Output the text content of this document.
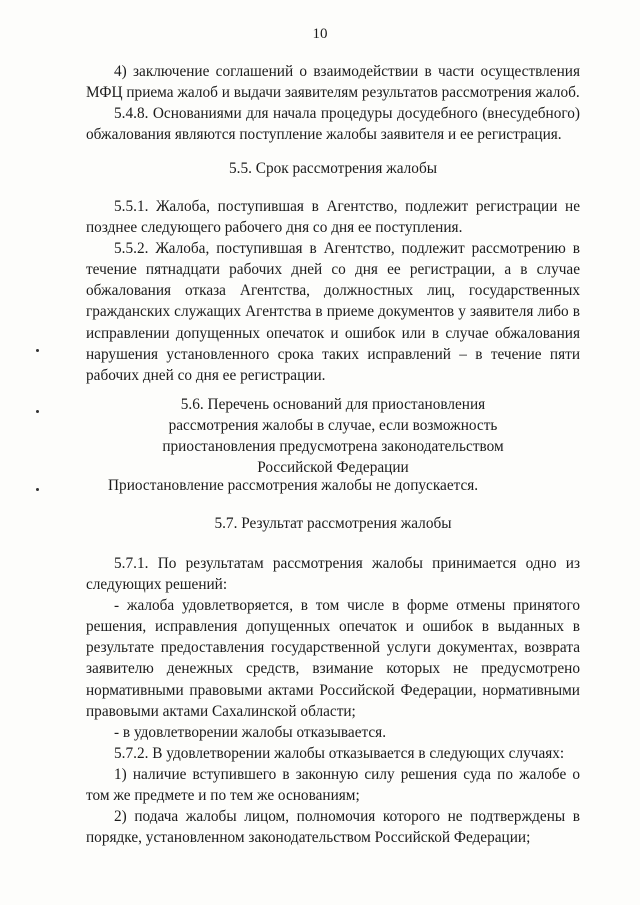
10

4) заключение соглашений о взаимодействии в части осуществления МФЦ приема жалоб и выдачи заявителям результатов рассмотрения жалоб.

5.4.8. Основаниями для начала процедуры досудебного (внесудебного) обжалования являются поступление жалобы заявителя и ее регистрация.

5.5. Срок рассмотрения жалобы

5.5.1. Жалоба, поступившая в Агентство, подлежит регистрации не позднее следующего рабочего дня со дня ее поступления.

5.5.2. Жалоба, поступившая в Агентство, подлежит рассмотрению в течение пятнадцати рабочих дней со дня ее регистрации, а в случае обжалования отказа Агентства, должностных лиц, государственных гражданских служащих Агентства в приеме документов у заявителя либо в исправлении допущенных опечаток и ошибок или в случае обжалования нарушения установленного срока таких исправлений – в течение пяти рабочих дней со дня ее регистрации.

5.6. Перечень оснований для приостановления рассмотрения жалобы в случае, если возможность приостановления предусмотрена законодательством Российской Федерации

Приостановление рассмотрения жалобы не допускается.

5.7. Результат рассмотрения жалобы

5.7.1. По результатам рассмотрения жалобы принимается одно из следующих решений:

- жалоба удовлетворяется, в том числе в форме отмены принятого решения, исправления допущенных опечаток и ошибок в выданных в результате предоставления государственной услуги документах, возврата заявителю денежных средств, взимание которых не предусмотрено нормативными правовыми актами Российской Федерации, нормативными правовыми актами Сахалинской области;

- в удовлетворении жалобы отказывается.

5.7.2. В удовлетворении жалобы отказывается в следующих случаях:

1) наличие вступившего в законную силу решения суда по жалобе о том же предмете и по тем же основаниям;

2) подача жалобы лицом, полномочия которого не подтверждены в порядке, установленном законодательством Российской Федерации;
